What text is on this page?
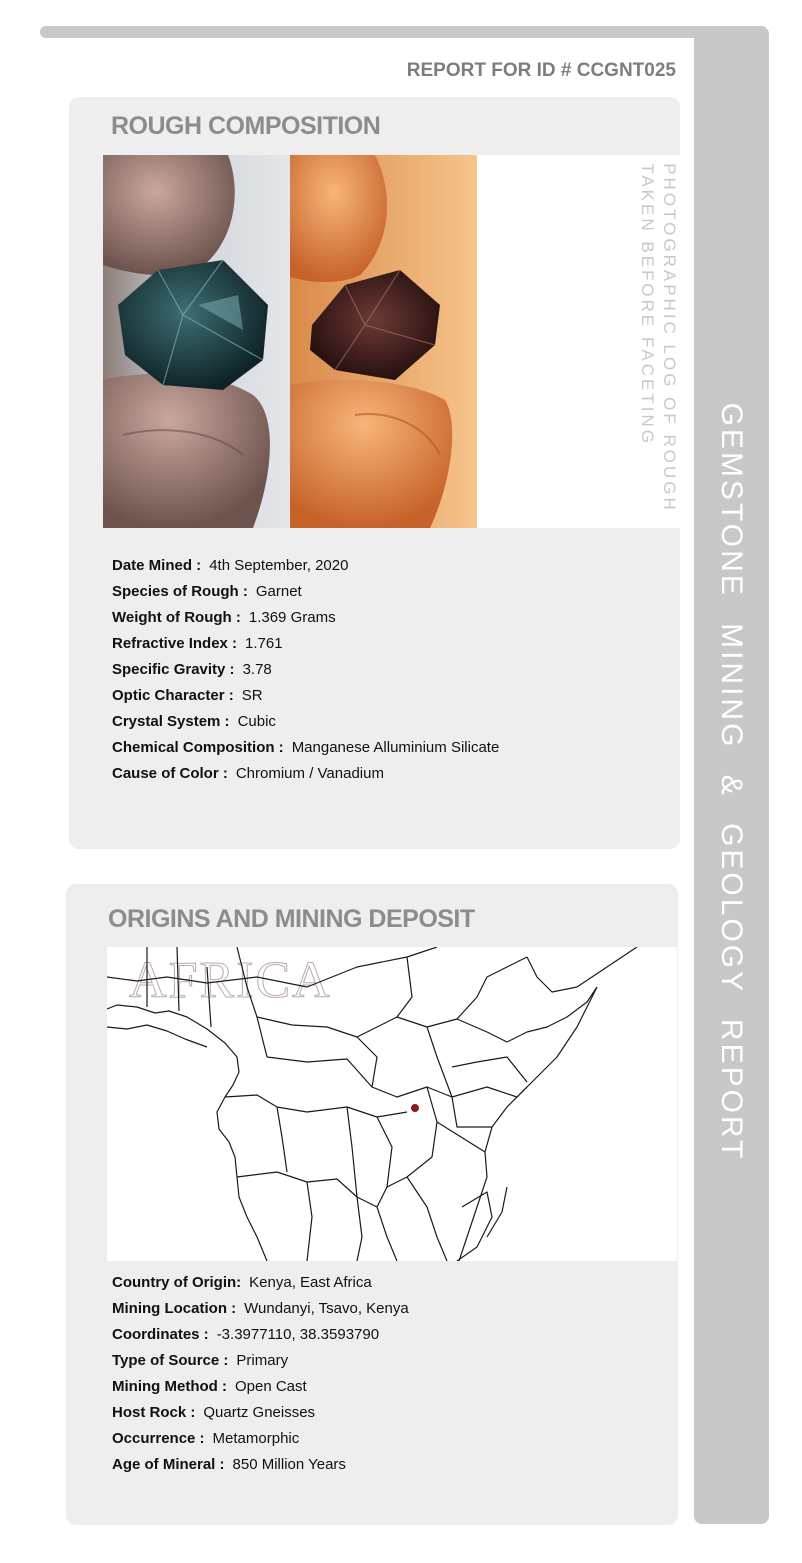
GEMSTONE MINING & GEOLOGY REPORT
REPORT FOR ID # CCGNT025
ROUGH COMPOSITION
PHOTOGRAPHIC LOG OF ROUGH
TAKEN BEFORE FACETING
Date Mined : 4th September, 2020
Species of Rough : Garnet
Weight of Rough : 1.369 Grams
Refractive Index : 1.761
Specific Gravity : 3.78
Optic Character : SR
Crystal System : Cubic
Chemical Composition : Manganese Alluminium Silicate
Cause of Color : Chromium / Vanadium
ORIGINS AND MINING DEPOSIT
AFRICA
Country of Origin: Kenya, East Africa
Mining Location : Wundanyi, Tsavo, Kenya
Coordinates : -3.3977110, 38.3593790
Type of Source : Primary
Mining Method : Open Cast
Host Rock : Quartz Gneisses
Occurrence : Metamorphic
Age of Mineral : 850 Million Years
